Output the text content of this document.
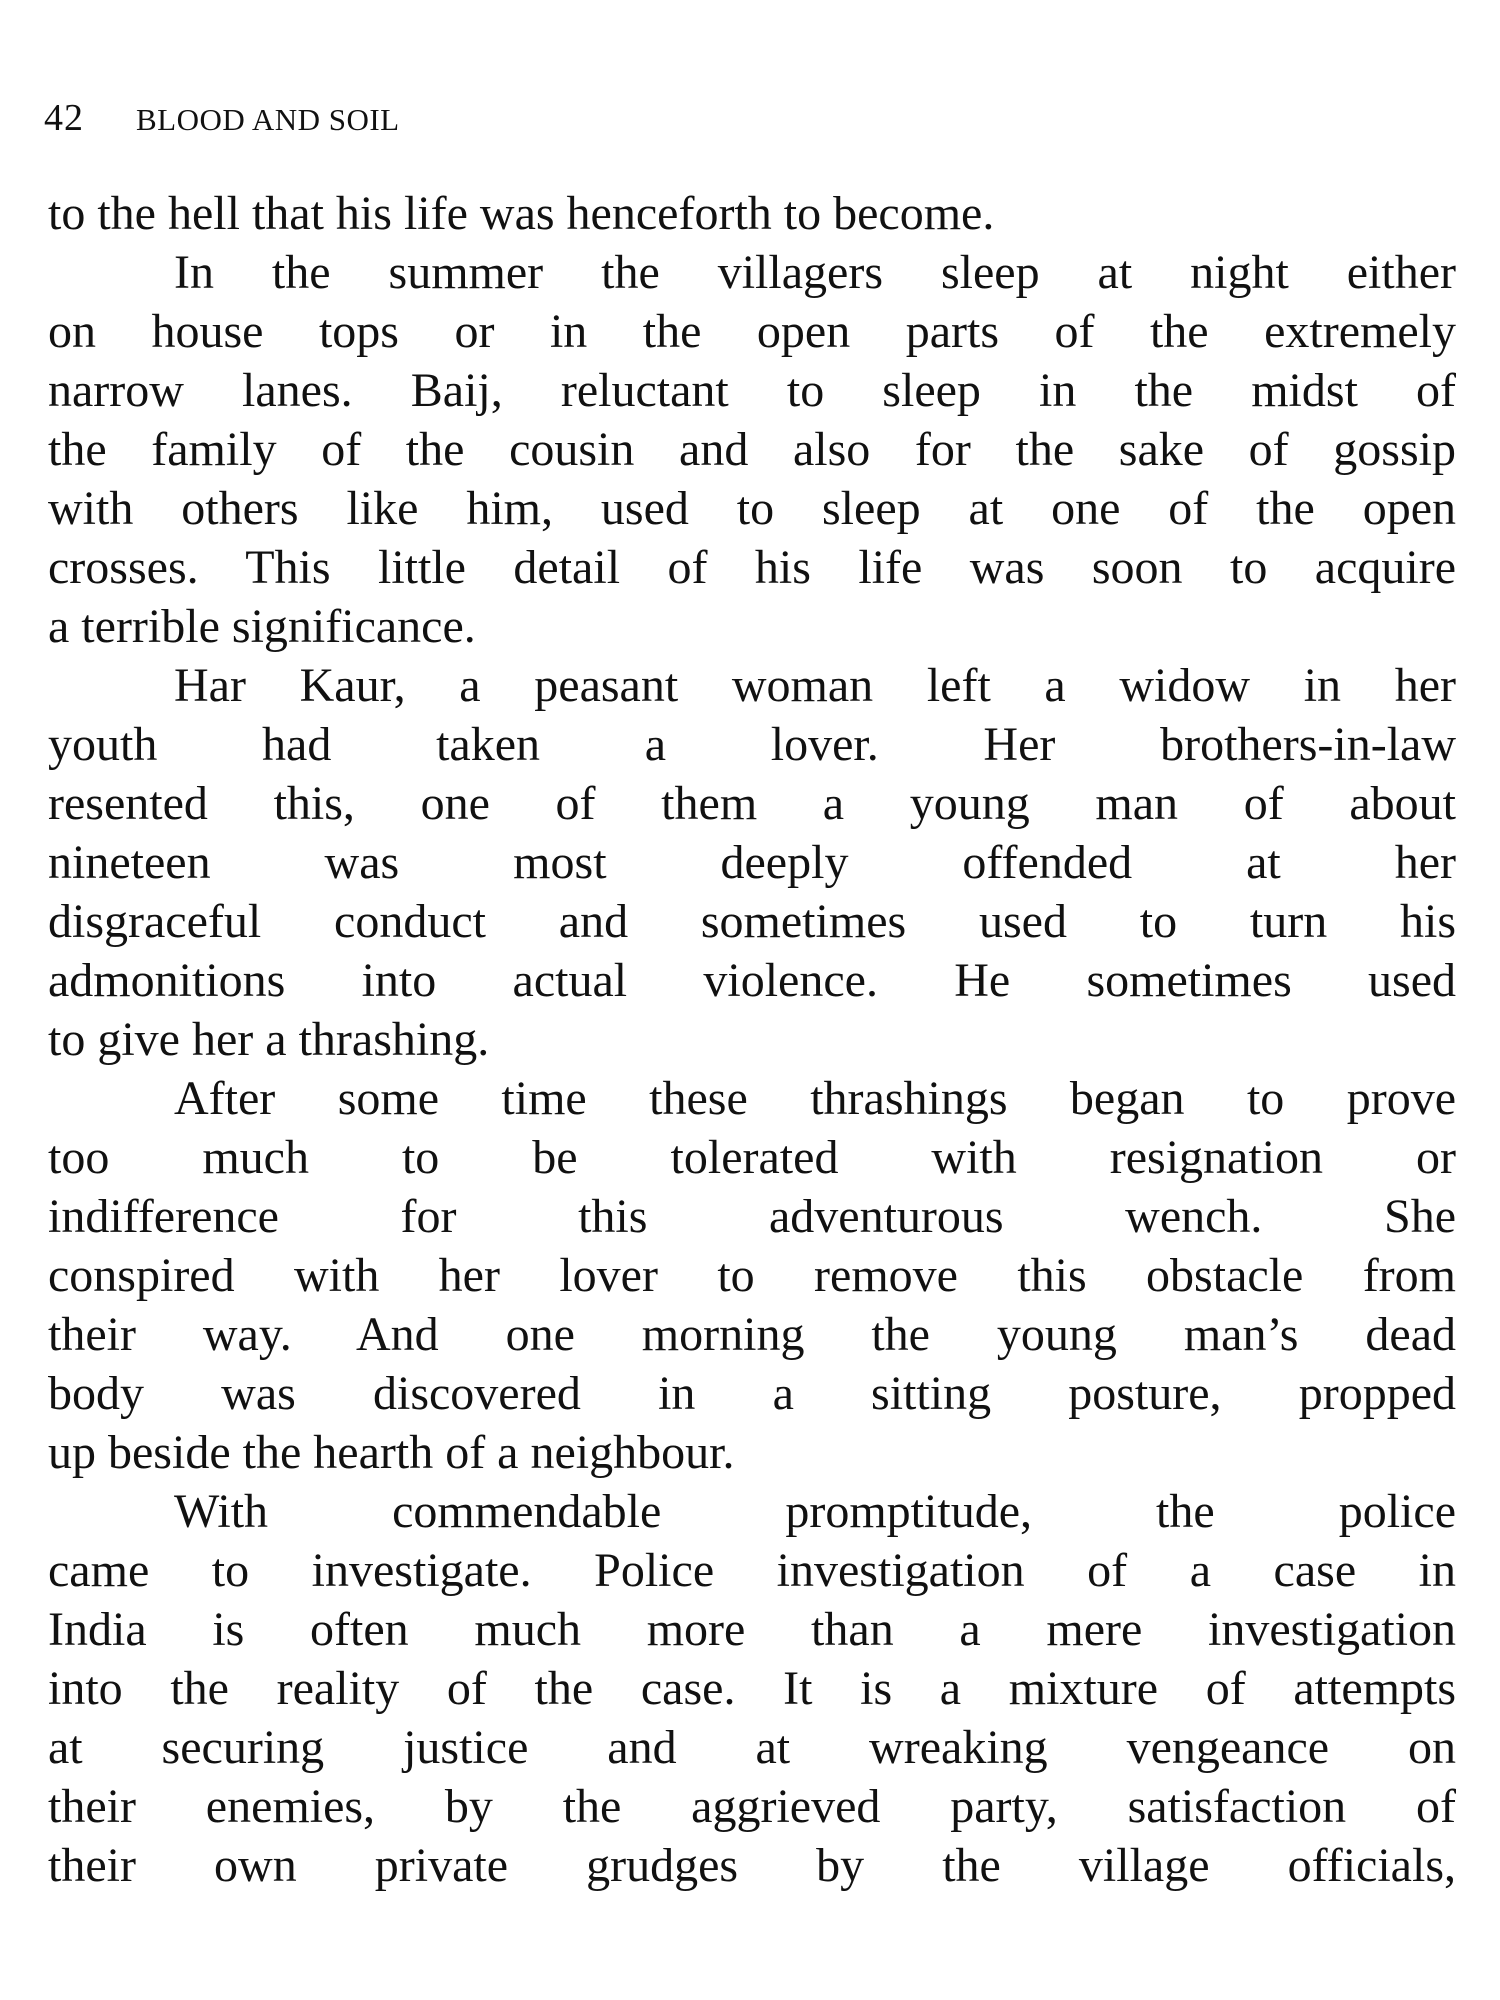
42 BLOOD AND SOIL
to the hell that his life was henceforth to become.
In the summer the villagers sleep at night either
on house tops or in the open parts of the extremely
narrow lanes. Baij, reluctant to sleep in the midst of
the family of the cousin and also for the sake of gossip
with others like him, used to sleep at one of the open
crosses. This little detail of his life was soon to acquire
a terrible significance.
Har Kaur, a peasant woman left a widow in her
youth had taken a lover. Her brothers-in-law
resented this, one of them a young man of about
nineteen was most deeply offended at her
disgraceful conduct and sometimes used to turn his
admonitions into actual violence. He sometimes used
to give her a thrashing.
After some time these thrashings began to prove
too much to be tolerated with resignation or
indifference for this adventurous wench. She
conspired with her lover to remove this obstacle from
their way. And one morning the young man’s dead
body was discovered in a sitting posture, propped
up beside the hearth of a neighbour.
With commendable promptitude, the police
came to investigate. Police investigation of a case in
India is often much more than a mere investigation
into the reality of the case. It is a mixture of attempts
at securing justice and at wreaking vengeance on
their enemies, by the aggrieved party, satisfaction of
their own private grudges by the village officials,
